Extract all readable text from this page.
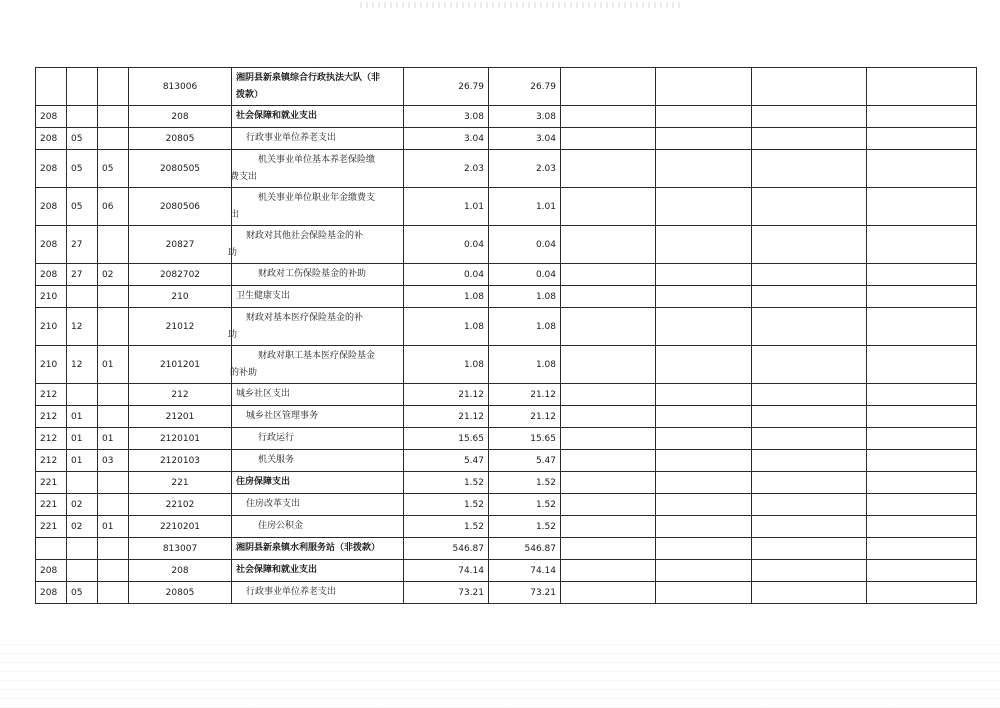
			813006	湘阴县新泉镇综合行政执法大队（非
拨款）	26.79	26.79				
208			208	社会保障和就业支出	3.08	3.08				
208	05		20805	行政事业单位养老支出	3.04	3.04				
208	05	05	2080505	机关事业单位基本养老保险缴
费支出	2.03	2.03				
208	05	06	2080506	机关事业单位职业年金缴费支
出	1.01	1.01				
208	27		20827	财政对其他社会保险基金的补
助	0.04	0.04				
208	27	02	2082702	财政对工伤保险基金的补助	0.04	0.04				
210			210	卫生健康支出	1.08	1.08				
210	12		21012	财政对基本医疗保险基金的补
助	1.08	1.08				
210	12	01	2101201	财政对职工基本医疗保险基金
的补助	1.08	1.08				
212			212	城乡社区支出	21.12	21.12				
212	01		21201	城乡社区管理事务	21.12	21.12				
212	01	01	2120101	行政运行	15.65	15.65				
212	01	03	2120103	机关服务	5.47	5.47				
221			221	住房保障支出	1.52	1.52				
221	02		22102	住房改革支出	1.52	1.52				
221	02	01	2210201	住房公积金	1.52	1.52				
			813007	湘阴县新泉镇水利服务站（非拨款）	546.87	546.87				
208			208	社会保障和就业支出	74.14	74.14				
208	05		20805	行政事业单位养老支出	73.21	73.21				
